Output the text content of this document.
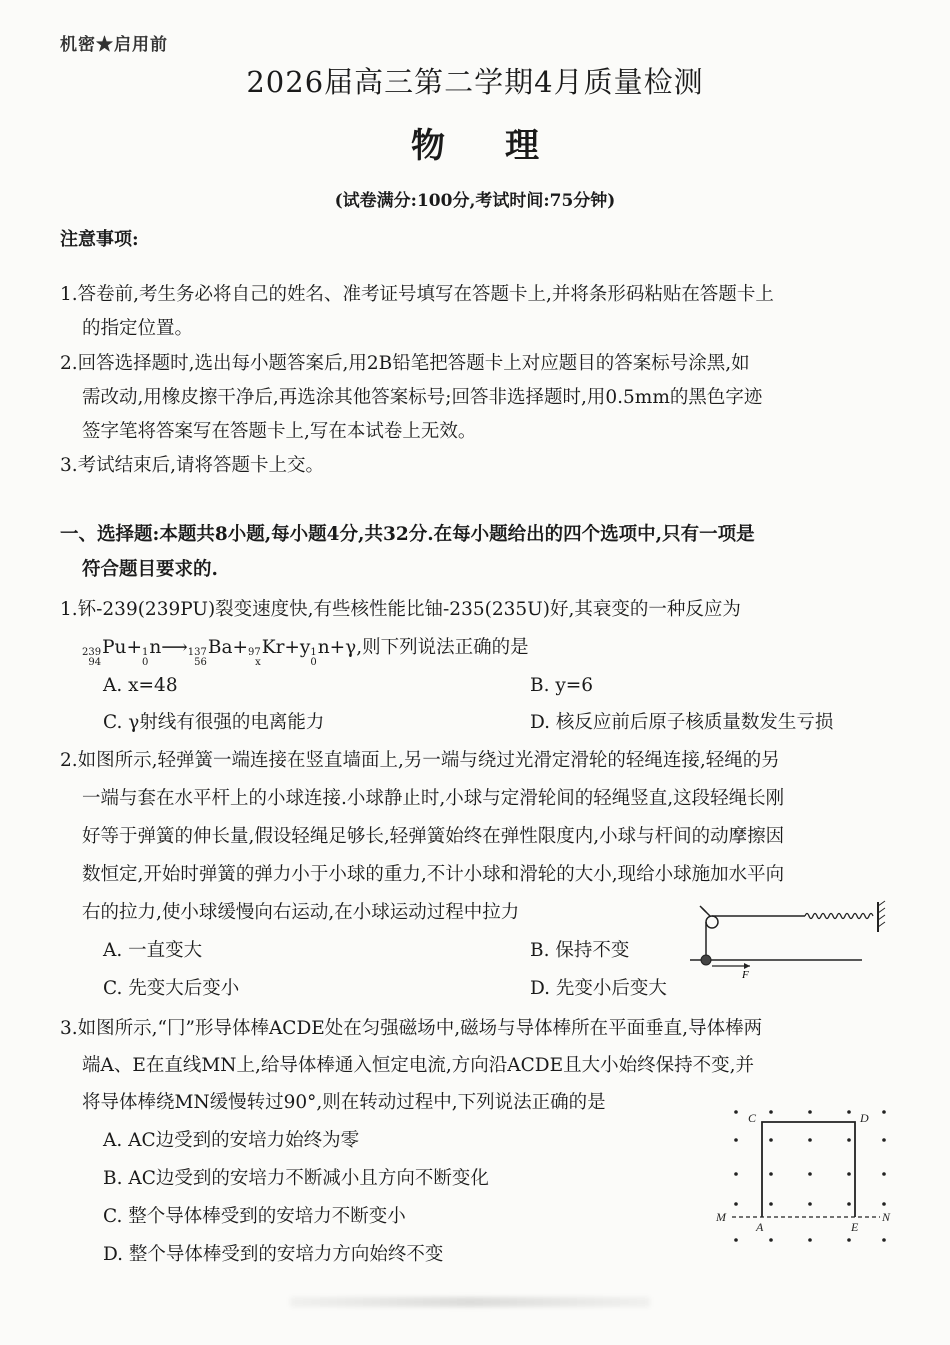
机密★启用前
2026届高三第二学期4月质量检测
物理
(试卷满分:100分,考试时间:75分钟)
注意事项:
1.答卷前,考生务必将自己的姓名、准考证号填写在答题卡上,并将条形码粘贴在答题卡上
的指定位置。
2.回答选择题时,选出每小题答案后,用2B铅笔把答题卡上对应题目的答案标号涂黑,如
需改动,用橡皮擦干净后,再选涂其他答案标号;回答非选择题时,用0.5mm的黑色字迹
签字笔将答案写在答题卡上,写在本试卷上无效。
3.考试结束后,请将答题卡上交。
一、选择题:本题共8小题,每小题4分,共32分.在每小题给出的四个选项中,只有一项是
符合题目要求的.
1.钚-239(239PU)裂变速度快,有些核性能比铀-235(235U)好,其衰变的一种反应为
239
94
Pu+ 1
0
n⟶ 137
56
Ba+ 97
x
Kr+y 1
0
n+γ,则下列说法正确的是
A. x=48	B. y=6
C. γ射线有很强的电离能力	D. 核反应前后原子核质量数发生亏损
2.如图所示,轻弹簧一端连接在竖直墙面上,另一端与绕过光滑定滑轮的轻绳连接,轻绳的另
一端与套在水平杆上的小球连接.小球静止时,小球与定滑轮间的轻绳竖直,这段轻绳长刚
好等于弹簧的伸长量,假设轻绳足够长,轻弹簧始终在弹性限度内,小球与杆间的动摩擦因
数恒定,开始时弹簧的弹力小于小球的重力,不计小球和滑轮的大小,现给小球施加水平向
右的拉力,使小球缓慢向右运动,在小球运动过程中拉力
A. 一直变大	B. 保持不变
C. 先变大后变小	D. 先变小后变大
F
3.如图所示,“冂”形导体棒ACDE处在匀强磁场中,磁场与导体棒所在平面垂直,导体棒两
端A、E在直线MN上,给导体棒通入恒定电流,方向沿ACDE且大小始终保持不变,并
将导体棒绕MN缓慢转过90°,则在转动过程中,下列说法正确的是
A. AC边受到的安培力始终为零
B. AC边受到的安培力不断减小且方向不断变化
C. 整个导体棒受到的安培力不断变小
D. 整个导体棒受到的安培力方向始终不变
C	D
M
A	E
N
